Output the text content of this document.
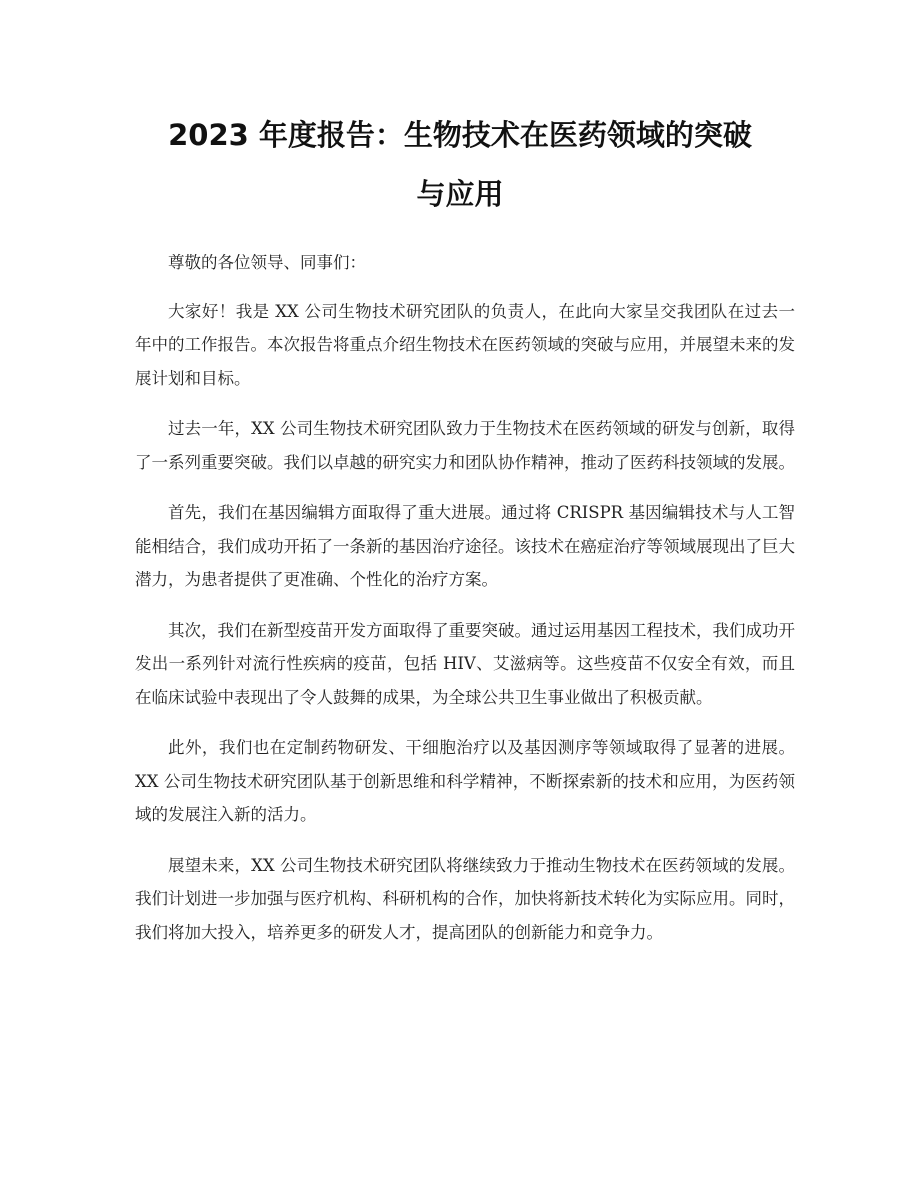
2023 年度报告：生物技术在医药领域的突破
与应用

尊敬的各位领导、同事们：

大家好！我是 XX 公司生物技术研究团队的负责人，在此向大家呈交我团队在过去一年中的工作报告。本次报告将重点介绍生物技术在医药领域的突破与应用，并展望未来的发展计划和目标。

过去一年，XX 公司生物技术研究团队致力于生物技术在医药领域的研发与创新，取得了一系列重要突破。我们以卓越的研究实力和团队协作精神，推动了医药科技领域的发展。

首先，我们在基因编辑方面取得了重大进展。通过将 CRISPR 基因编辑技术与人工智能相结合，我们成功开拓了一条新的基因治疗途径。该技术在癌症治疗等领域展现出了巨大潜力，为患者提供了更准确、个性化的治疗方案。

其次，我们在新型疫苗开发方面取得了重要突破。通过运用基因工程技术，我们成功开发出一系列针对流行性疾病的疫苗，包括 HIV、艾滋病等。这些疫苗不仅安全有效，而且在临床试验中表现出了令人鼓舞的成果，为全球公共卫生事业做出了积极贡献。

此外，我们也在定制药物研发、干细胞治疗以及基因测序等领域取得了显著的进展。XX 公司生物技术研究团队基于创新思维和科学精神，不断探索新的技术和应用，为医药领域的发展注入新的活力。

展望未来，XX 公司生物技术研究团队将继续致力于推动生物技术在医药领域的发展。我们计划进一步加强与医疗机构、科研机构的合作，加快将新技术转化为实际应用。同时，我们将加大投入，培养更多的研发人才，提高团队的创新能力和竞争力。
